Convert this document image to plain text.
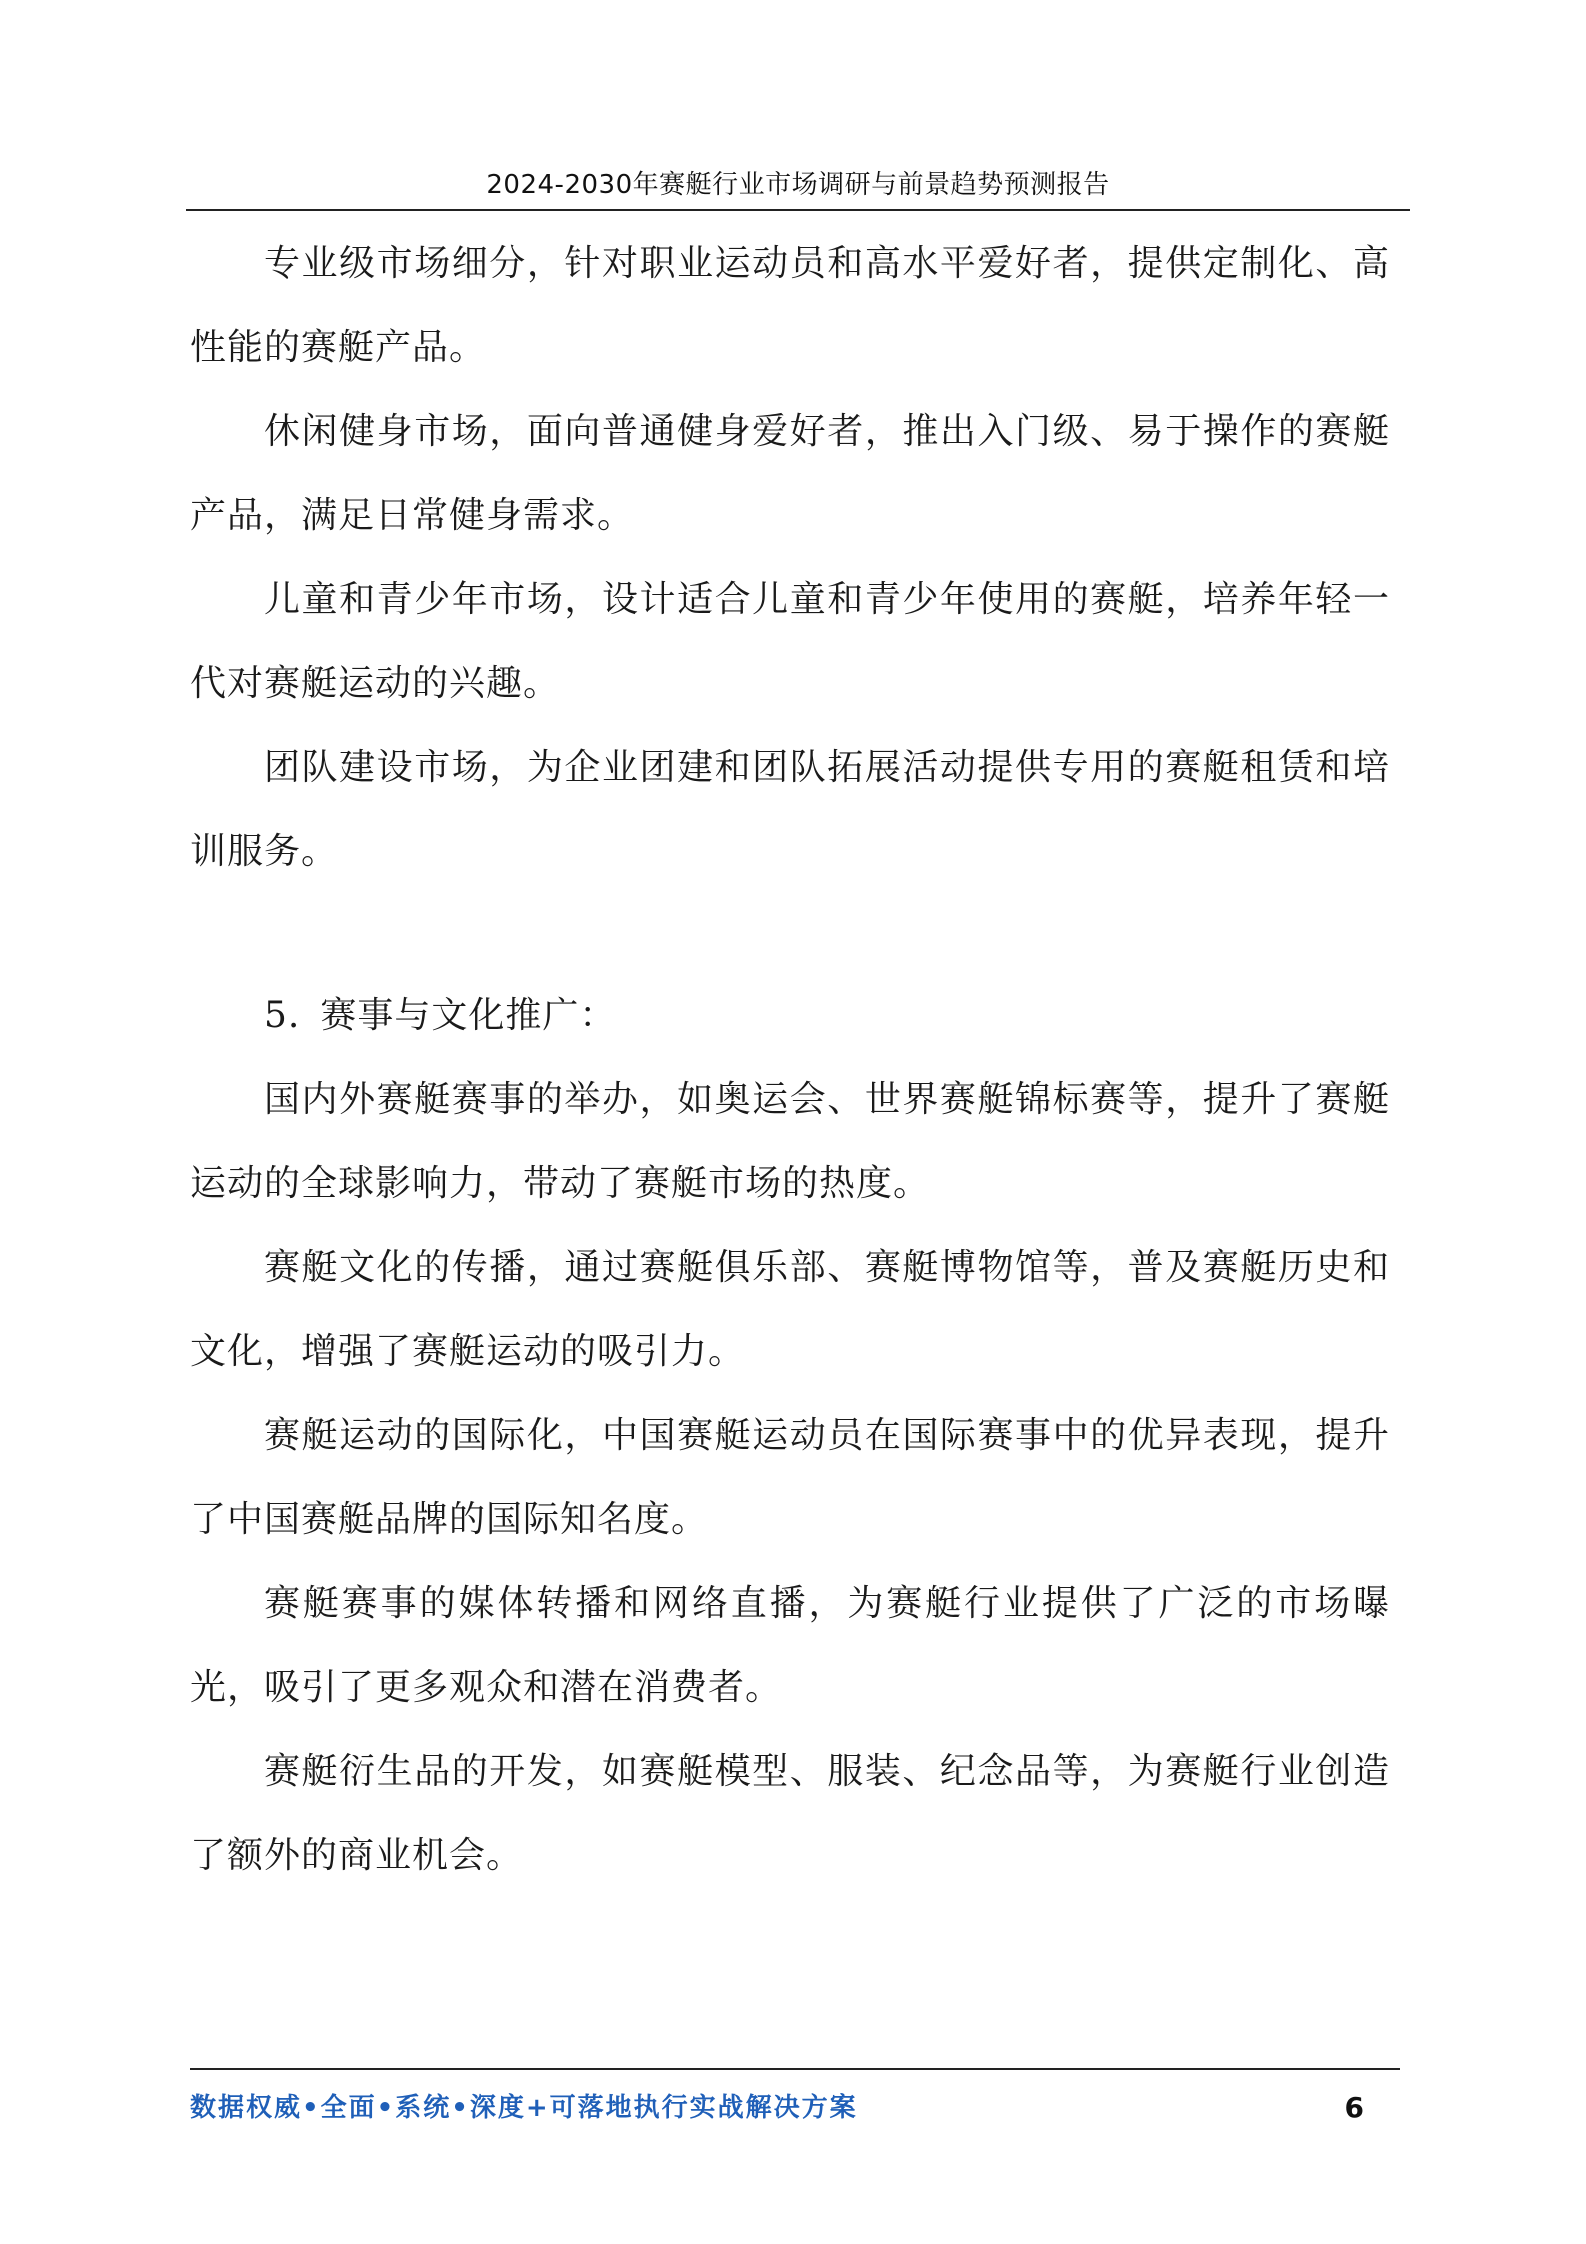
2024-2030年赛艇行业市场调研与前景趋势预测报告

专业级市场细分，针对职业运动员和高水平爱好者，提供定制化、高性能的赛艇产品。

休闲健身市场，面向普通健身爱好者，推出入门级、易于操作的赛艇产品，满足日常健身需求。

儿童和青少年市场，设计适合儿童和青少年使用的赛艇，培养年轻一代对赛艇运动的兴趣。

团队建设市场，为企业团建和团队拓展活动提供专用的赛艇租赁和培训服务。

5. 赛事与文化推广：

国内外赛艇赛事的举办，如奥运会、世界赛艇锦标赛等，提升了赛艇运动的全球影响力，带动了赛艇市场的热度。

赛艇文化的传播，通过赛艇俱乐部、赛艇博物馆等，普及赛艇历史和文化，增强了赛艇运动的吸引力。

赛艇运动的国际化，中国赛艇运动员在国际赛事中的优异表现，提升了中国赛艇品牌的国际知名度。

赛艇赛事的媒体转播和网络直播，为赛艇行业提供了广泛的市场曝光，吸引了更多观众和潜在消费者。

赛艇衍生品的开发，如赛艇模型、服装、纪念品等，为赛艇行业创造了额外的商业机会。

数据权威•全面•系统•深度+可落地执行实战解决方案	6
